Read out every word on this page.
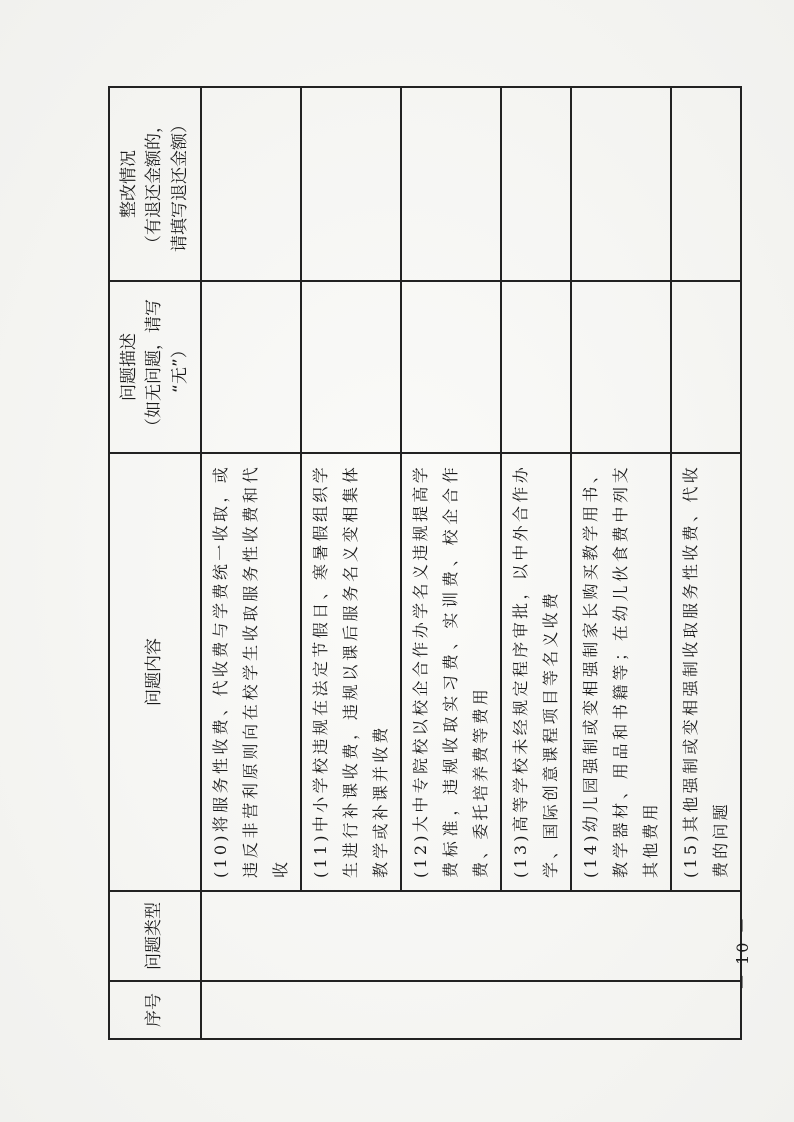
序号	问题类型	问题内容	问题描述 （如无问题，请写 “无”）	整改情况 （有退还金额的， 请填写退还金额）

		(10)将服务性收费、代收费与学费统一收取，或违反非营利原则向在校学生收取服务性收费和代收		
		(11)中小学校违规在法定节假日、寒暑假组织学生进行补课收费，违规以课后服务名义变相集体教学或补课并收费		
		(12)大中专院校以校企合作办学名义违规提高学费标准，违规收取实习费、实训费、校企合作费、委托培养费等费用		
		(13)高等学校未经规定程序审批，以中外合作办学、国际创意课程项目等名义收费		
		(14)幼儿园强制或变相强制家长购买教学用书、教学器材、用品和书籍等；在幼儿伙食费中列支其他费用		
		(15)其他强制或变相强制收取服务性收费、代收费的问题		
－ 10 －
